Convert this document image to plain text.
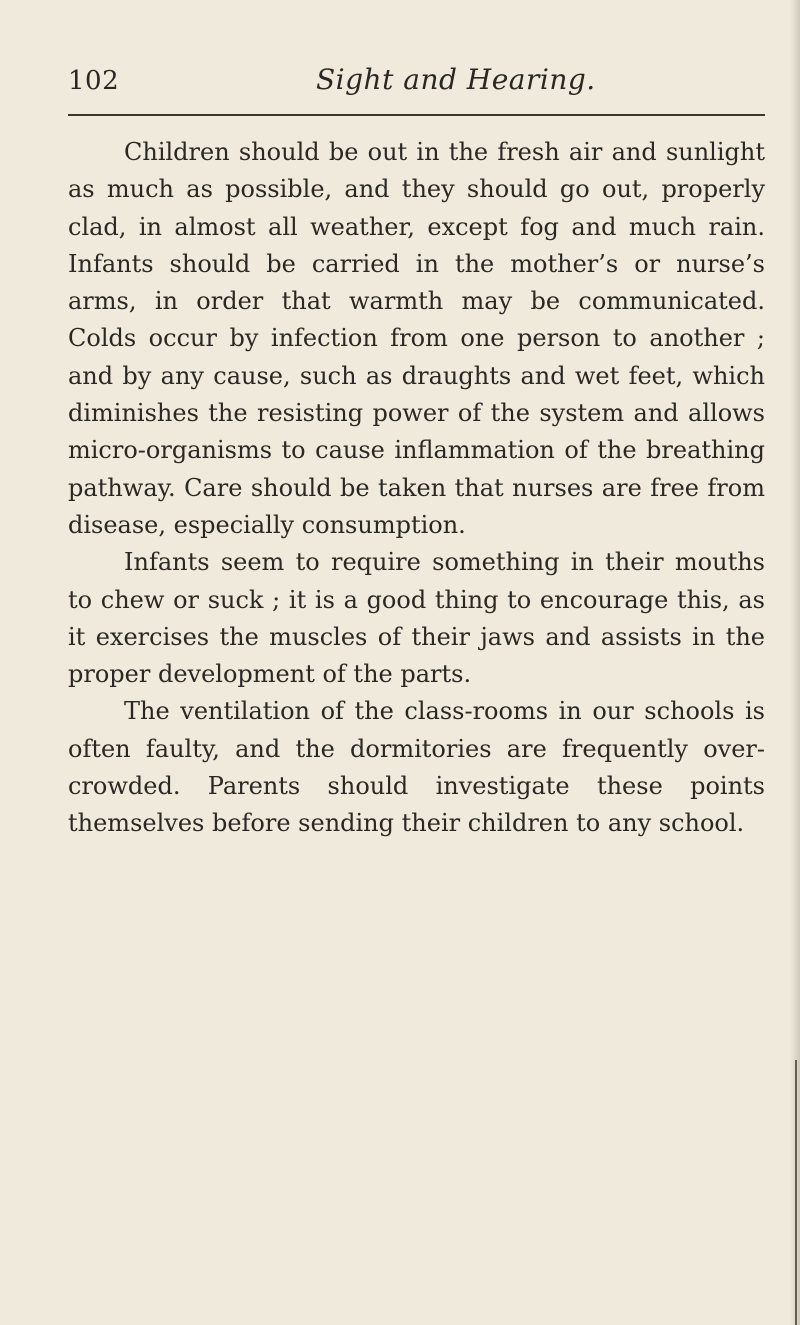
102	Sight and Hearing.

Children should be out in the fresh air and sunlight as much as possible, and they should go out, properly clad, in almost all weather, except fog and much rain. Infants should be carried in the mother’s or nurse’s arms, in order that warmth may be communicated. Colds occur by infection from one person to another ; and by any cause, such as draughts and wet feet, which diminishes the resisting power of the system and allows micro-organisms to cause inflammation of the breathing pathway. Care should be taken that nurses are free from disease, especially consumption.

Infants seem to require something in their mouths to chew or suck ; it is a good thing to encourage this, as it exercises the muscles of their jaws and assists in the proper development of the parts.

The ventilation of the class-rooms in our schools is often faulty, and the dormitories are frequently over-crowded. Parents should investigate these points themselves before sending their children to any school.
